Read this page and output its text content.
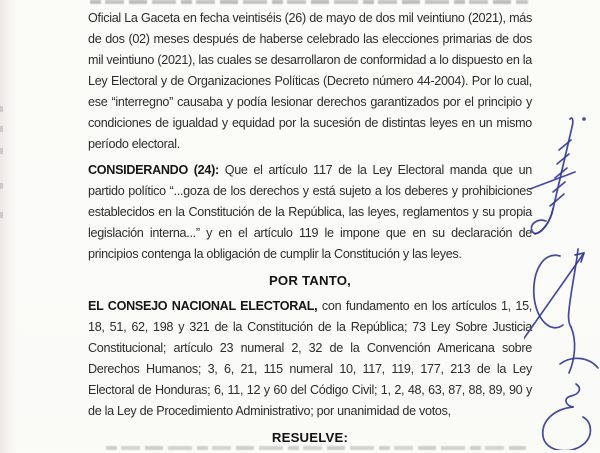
Oficial La Gaceta en fecha veintiséis (26) de mayo de dos mil veintiuno (2021), más de dos (02) meses después de haberse celebrado las elecciones primarias de dos mil veintiuno (2021), las cuales se desarrollaron de conformidad a lo dispuesto en la Ley Electoral y de Organizaciones Políticas (Decreto número 44-2004). Por lo cual, ese “interregno” causaba y podía lesionar derechos garantizados por el principio y condiciones de igualdad y equidad por la sucesión de distintas leyes en un mismo período electoral.

CONSIDERANDO (24): Que el artículo 117 de la Ley Electoral manda que un partido político “...goza de los derechos y está sujeto a los deberes y prohibiciones establecidos en la Constitución de la República, las leyes, reglamentos y su propia legislación interna...” y en el artículo 119 le impone que en su declaración de principios contenga la obligación de cumplir la Constitución y las leyes.

POR TANTO,

EL CONSEJO NACIONAL ELECTORAL, con fundamento en los artículos 1, 15, 18, 51, 62, 198 y 321 de la Constitución de la República; 73 Ley Sobre Justicia Constitucional; artículo 23 numeral 2, 32 de la Convención Americana sobre Derechos Humanos; 3, 6, 21, 115 numeral 10, 117, 119, 177, 213 de la Ley Electoral de Honduras; 6, 11, 12 y 60 del Código Civil; 1, 2, 48, 63, 87, 88, 89, 90 y de la Ley de Procedimiento Administrativo; por unanimidad de votos,

RESUELVE:
